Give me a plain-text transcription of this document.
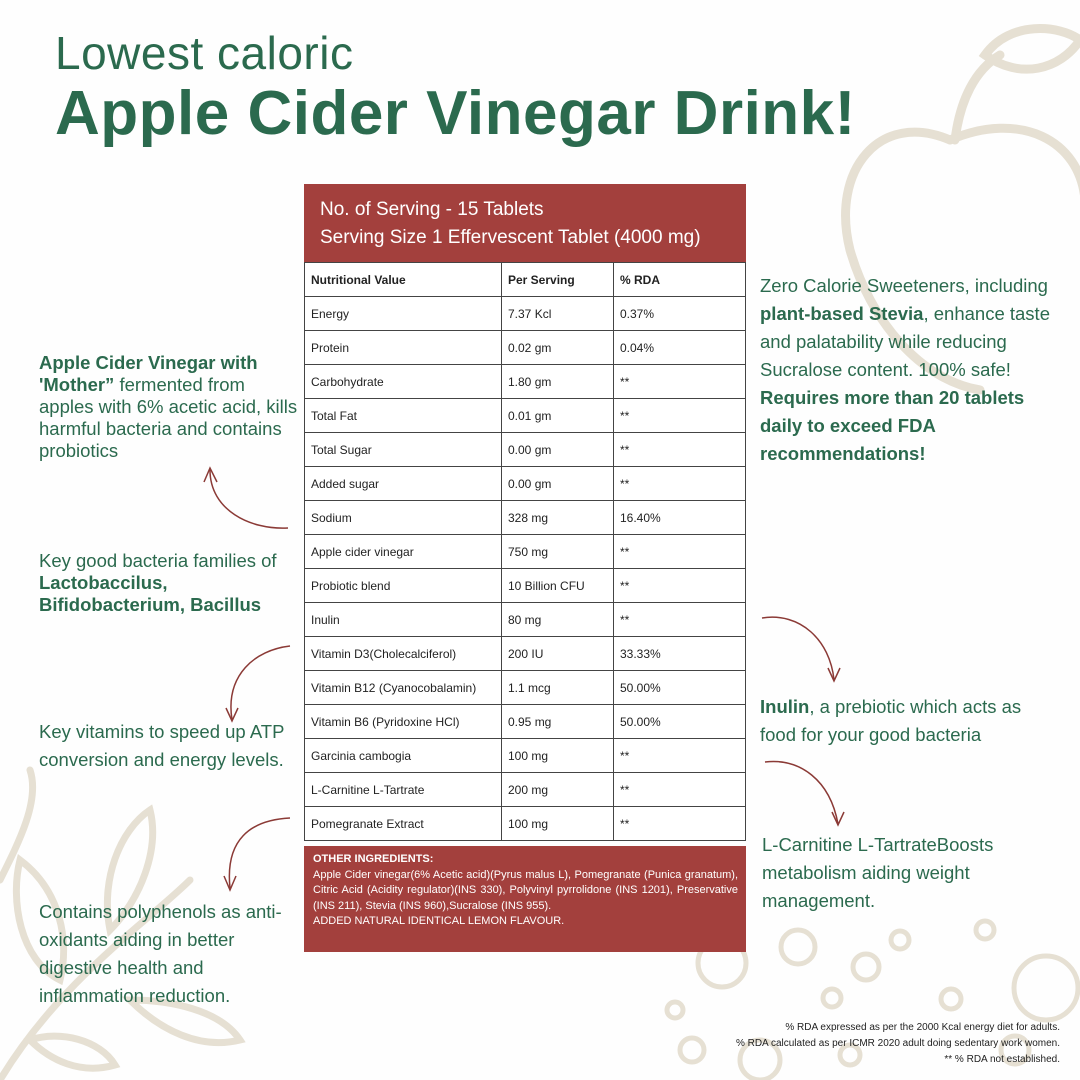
Lowest caloric
Apple Cider Vinegar Drink!
No. of Serving - 15 Tablets
Serving Size 1 Effervescent Tablet (4000 mg)
Nutritional Value	Per Serving	% RDA
Energy	7.37 Kcl	0.37%
Protein	0.02 gm	0.04%
Carbohydrate	1.80 gm	**
Total Fat	0.01 gm	**
Total Sugar	0.00 gm	**
Added sugar	0.00 gm	**
Sodium	328 mg	16.40%
Apple cider vinegar	750 mg	**
Probiotic blend	10 Billion CFU	**
Inulin	80 mg	**
Vitamin D3(Cholecalciferol)	200 IU	33.33%
Vitamin B12 (Cyanocobalamin)	1.1 mcg	50.00%
Vitamin B6 (Pyridoxine HCl)	0.95 mg	50.00%
Garcinia cambogia	100 mg	**
L-Carnitine L-Tartrate	200 mg	**
Pomegranate Extract	100 mg	**
OTHER INGREDIENTS:
Apple Cider vinegar(6% Acetic acid)(Pyrus malus L), Pomegranate (Punica granatum), Citric Acid (Acidity regulator)(INS 330), Polyvinyl pyrrolidone (INS 1201), Preservative (INS 211), Stevia (INS 960),Sucralose (INS 955).
ADDED NATURAL IDENTICAL LEMON FLAVOUR.
Apple Cider Vinegar with 'Mother” fermented from apples with 6% acetic acid, kills harmful bacteria and contains probiotics
Key good bacteria families of Lactobaccilus, Bifidobacterium, Bacillus
Key vitamins to speed up ATP conversion and energy levels.
Contains polyphenols as anti-oxidants aiding in better digestive health and inflammation reduction.
Zero Calorie Sweeteners, including plant-based Stevia, enhance taste and palatability while reducing Sucralose content. 100% safe! Requires more than 20 tablets daily to exceed FDA recommendations!
Inulin, a prebiotic which acts as food for your good bacteria
L-Carnitine L-TartrateBoosts metabolism aiding weight management.
% RDA expressed as per the 2000 Kcal energy diet for adults.
% RDA calculated as per ICMR 2020 adult doing sedentary work women.
** % RDA not established.
